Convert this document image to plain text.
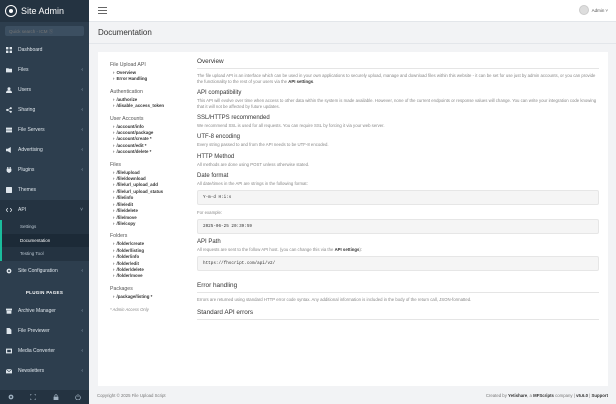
Site Admin
Quick search - ICM Ⓢ
Dashboard
Files	‹
Users	‹
Sharing	‹
File Servers	‹
Advertising	‹
Plugins	‹
Themes
API	˅
Settings
Documentation
Testing Tool
Site Configuration	‹
PLUGIN PAGES
Archive Manager	‹
File Previewer	‹
Media Converter	‹
Newsletters	‹
Admin ˅
Documentation
File Upload API
› Overview
› Error Handling
Authentication
› /authorize
› /disable_access_token
User Accounts
› /account/info
› /account/package
› /account/create *
› /account/edit *
› /account/delete *
Files
› /file/upload
› /file/download
› /file/url_upload_add
› /file/url_upload_status
› /file/info
› /file/edit
› /file/delete
› /file/move
› /file/copy
Folders
› /folder/create
› /folder/listing
› /folder/info
› /folder/edit
› /folder/delete
› /folder/move
Packages
› /package/listing *
* Admin Access Only
Overview

The file upload API is an interface which can be used in your own applications to securely upload, manage and download files within this website - it can be set for use just by admin accounts, or you can provide the functionality to the rest of your users via the API settings.

API compatibility

This API will evolve over time when access to other data within the system is made available. However, none of the current endpoints or response values will change. You can write your integration code knowing that it will not be affected by future updates.

SSL/HTTPS recommended

We recommend SSL is used for all requests. You can require SSL by forcing it via your web server.

UTF-8 encoding

Every string passed to and from the API needs to be UTF-8 encoded.

HTTP Method

All methods are done using POST unless otherwise stated.

Date format

All date/times in the API are strings in the following format:

Y-m-d H:i:s

For example:

2025-06-25 20:39:59
API Path

All requests are sent to the follow API host. (you can change this via the API settings):

https://fhscript.com/api/v2/
Error handling

Errors are returned using standard HTTP error code syntax. Any additional information is included in the body of the return call, JSON-formatted.

Standard API errors
Copyright © 2025 File Upload Script	Created by Yetishare, a MFScripts company | v5.6.0 | Support
